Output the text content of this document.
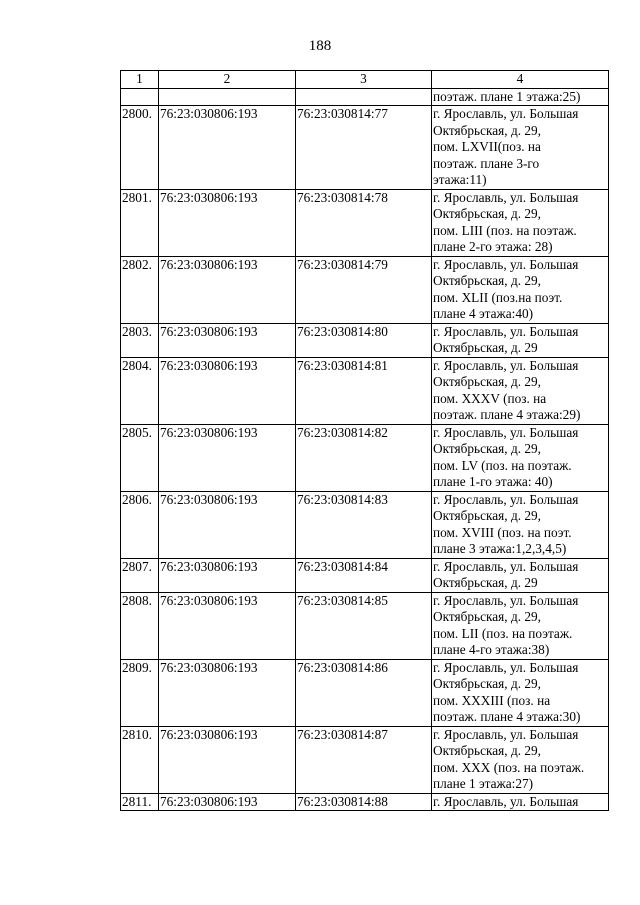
188
1	2	3	4

			поэтаж. плане 1 этажа:25)

2800.	76:23:030806:193	76:23:030814:77	г. Ярославль, ул. Большая
Октябрьская, д. 29,
пом. LXVII(поз. на
поэтаж. плане 3-го
этажа:11)

2801.	76:23:030806:193	76:23:030814:78	г. Ярославль, ул. Большая
Октябрьская, д. 29,
пом. LIII (поз. на поэтаж.
плане 2-го этажа: 28)

2802.	76:23:030806:193	76:23:030814:79	г. Ярославль, ул. Большая
Октябрьская, д. 29,
пом. XLII (поз.на поэт.
плане 4 этажа:40)

2803.	76:23:030806:193	76:23:030814:80	г. Ярославль, ул. Большая
Октябрьская, д. 29

2804.	76:23:030806:193	76:23:030814:81	г. Ярославль, ул. Большая
Октябрьская, д. 29,
пом. XXXV (поз. на
поэтаж. плане 4 этажа:29)

2805.	76:23:030806:193	76:23:030814:82	г. Ярославль, ул. Большая
Октябрьская, д. 29,
пом. LV (поз. на поэтаж.
плане 1-го этажа: 40)

2806.	76:23:030806:193	76:23:030814:83	г. Ярославль, ул. Большая
Октябрьская, д. 29,
пом. XVIII (поз. на поэт.
плане 3 этажа:1,2,3,4,5)

2807.	76:23:030806:193	76:23:030814:84	г. Ярославль, ул. Большая
Октябрьская, д. 29

2808.	76:23:030806:193	76:23:030814:85	г. Ярославль, ул. Большая
Октябрьская, д. 29,
пом. LII (поз. на поэтаж.
плане 4-го этажа:38)

2809.	76:23:030806:193	76:23:030814:86	г. Ярославль, ул. Большая
Октябрьская, д. 29,
пом. XXXIII (поз. на
поэтаж. плане 4 этажа:30)

2810.	76:23:030806:193	76:23:030814:87	г. Ярославль, ул. Большая
Октябрьская, д. 29,
пом. XXX (поз. на поэтаж.
плане 1 этажа:27)

2811.	76:23:030806:193	76:23:030814:88	г. Ярославль, ул. Большая
